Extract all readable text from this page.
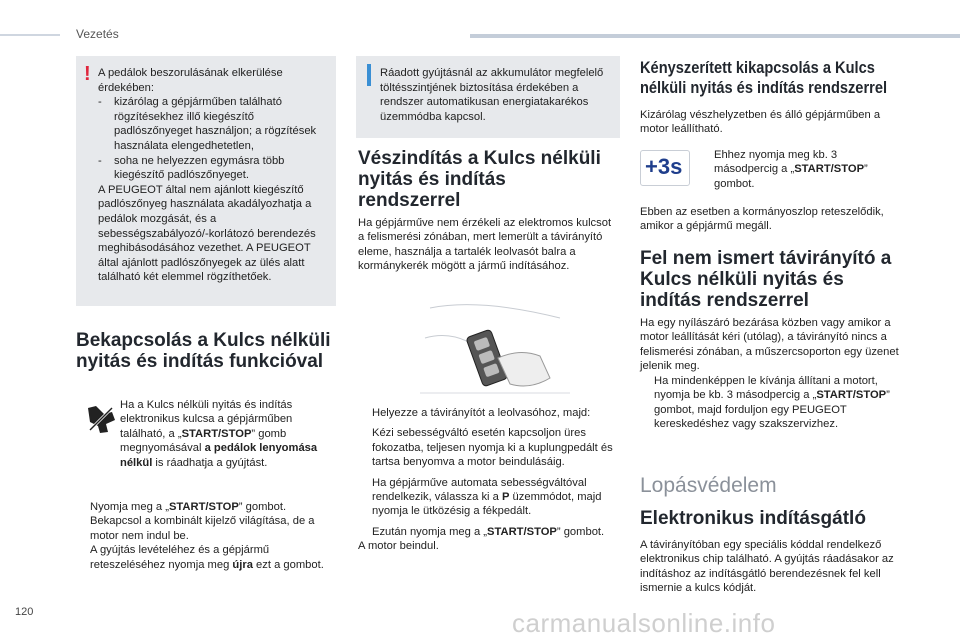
Vezetés
! A pedálok beszorulásának elkerülése érdekében:

-	kizárólag a gépjárműben található rögzítésekhez illő kiegészítő padlószőnyeget használjon; a rögzítések használata elengedhetetlen,
-	soha ne helyezzen egymásra több kiegészítő padlószőnyeget.

A PEUGEOT által nem ajánlott kiegészítő padlószőnyeg használata akadályozhatja a pedálok mozgását, és a sebességszabályozó/-korlátozó berendezés meghibásodásához vezethet. A PEUGEOT által ajánlott padlószőnyegek az ülés alatt található két elemmel rögzíthetőek.

Bekapcsolás a Kulcs nélküli nyitás és indítás funkcióval
Ha a Kulcs nélküli nyitás és indítás elektronikus kulcsa a gépjárműben található, a „START/STOP” gomb megnyomásával a pedálok lenyomása nélkül is ráadhatja a gyújtást.
Nyomja meg a „START/STOP” gombot. Bekapcsol a kombinált kijelző világítása, de a motor nem indul be.
A gyújtás levételéhez és a gépjármű reteszeléséhez nyomja meg újra ezt a gombot.

Ráadott gyújtásnál az akkumulátor megfelelő töltésszintjének biztosítása érdekében a rendszer automatikusan energiatakarékos üzemmódba kapcsol.

Vészindítás a Kulcs nélküli nyitás és indítás rendszerrel
Ha gépjárműve nem érzékeli az elektromos kulcsot a felismerési zónában, mert lemerült a távirányító eleme, használja a tartalék leolvasót balra a kormánykerék mögött a jármű indításához.
Helyezze a távirányítót a leolvasóhoz, majd:
Kézi sebességváltó esetén kapcsoljon üres fokozatba, teljesen nyomja ki a kuplungpedált és tartsa benyomva a motor beindulásáig.
Ha gépjárműve automata sebességváltóval rendelkezik, válassza ki a P üzemmódot, majd nyomja le ütközésig a fékpedált.
Ezután nyomja meg a „START/STOP” gombot.

A motor beindul.

Kényszerített kikapcsolás a Kulcs nélküli nyitás és indítás rendszerrel
Kizárólag vészhelyzetben és álló gépjárműben a motor leállítható.
+3s	Ehhez nyomja meg kb. 3 másodpercig a „START/STOP” gombot.
Ebben az esetben a kormányoszlop reteszelődik, amikor a gépjármű megáll.
Fel nem ismert távirányító a Kulcs nélküli nyitás és indítás rendszerrel
Ha egy nyílászáró bezárása közben vagy amikor a motor leállítását kéri (utólag), a távirányító nincs a felismerési zónában, a műszercsoporton egy üzenet jelenik meg.
Ha mindenképpen le kívánja állítani a motort, nyomja be kb. 3 másodpercig a „START/STOP” gombot, majd forduljon egy PEUGEOT kereskedéshez vagy szakszervizhez.
Lopásvédelem
Elektronikus indításgátló
A távirányítóban egy speciális kóddal rendelkező elektronikus chip található. A gyújtás ráadásakor az indításhoz az indításgátló berendezésnek fel kell ismernie a kulcs kódját.
120	carmanualsonline.info
